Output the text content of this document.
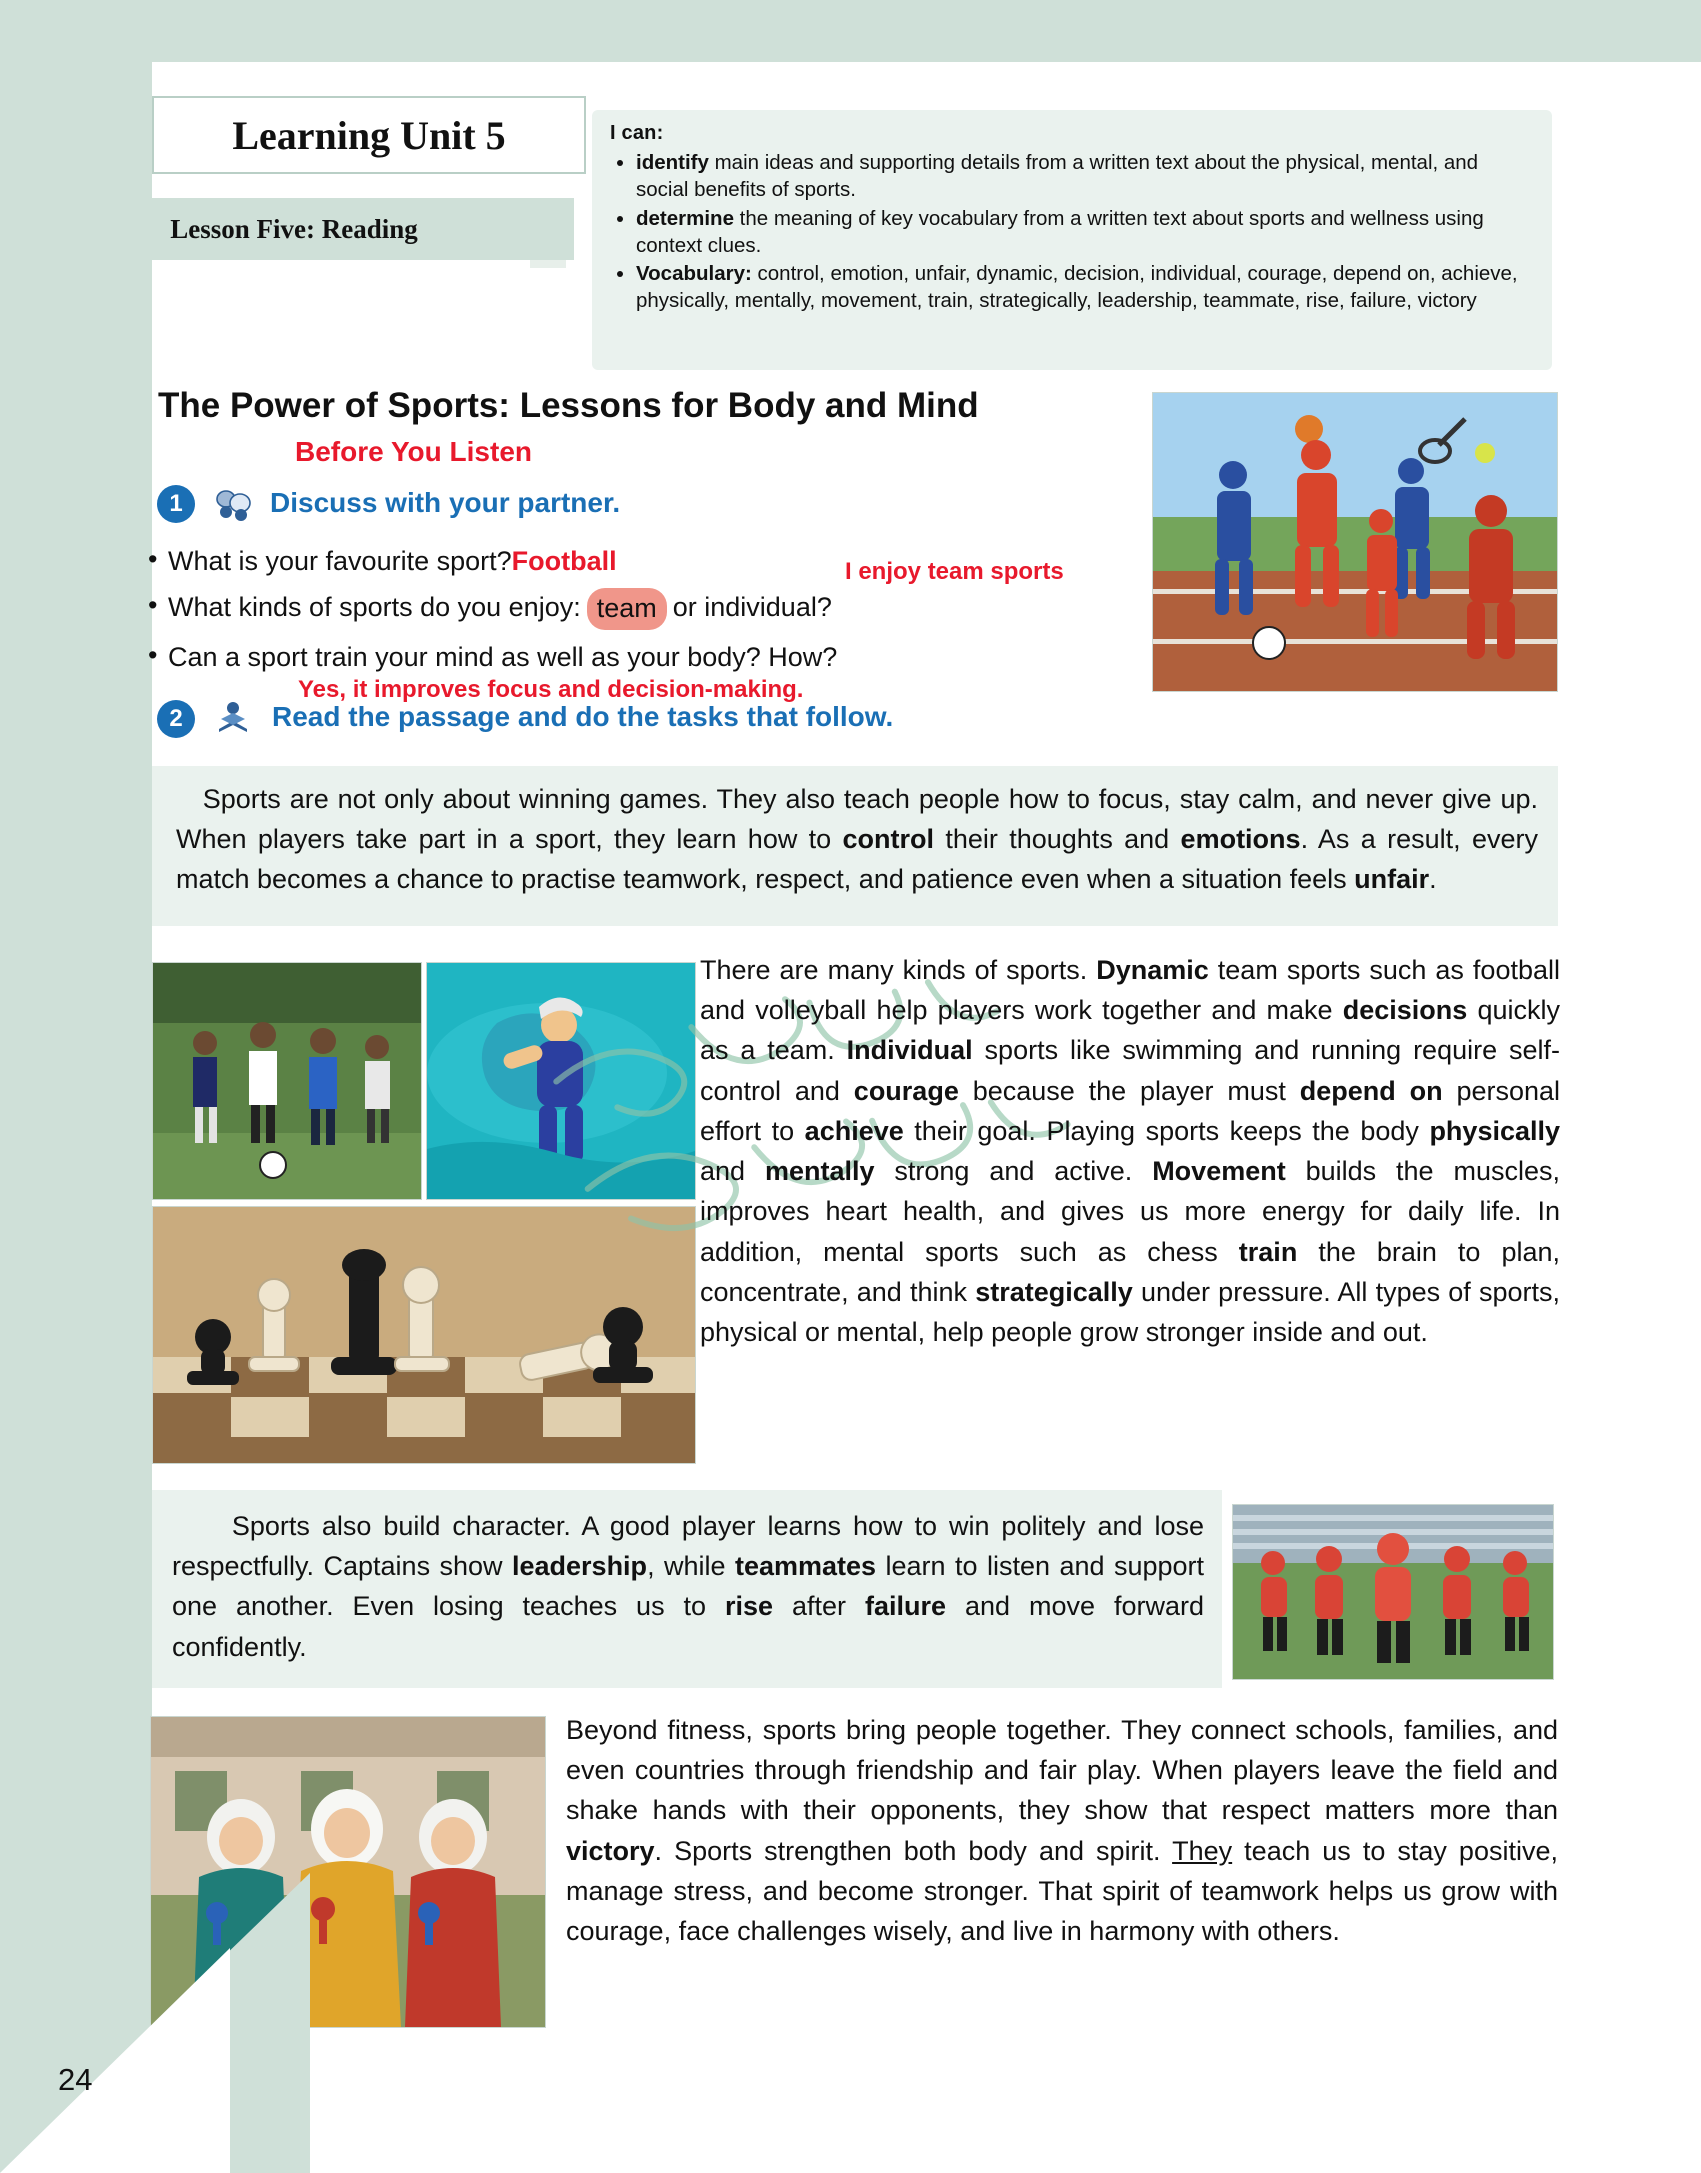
Learning Unit 5
Lesson Five: Reading
I can:
• identify main ideas and supporting details from a written text about the physical, mental, and social benefits of sports.
• determine the meaning of key vocabulary from a written text about sports and wellness using context clues.
• Vocabulary: control, emotion, unfair, dynamic, decision, individual, courage, depend on, achieve, physically, mentally, movement, train, strategically, leadership, teammate, rise, failure, victory
The Power of Sports: Lessons for Body and Mind
Before You Listen
1	Discuss with your partner.
• What is your favourite sport? Football
• What kinds of sports do you enjoy: team or individual?
• Can a sport train your mind as well as your body? How?
I enjoy team sports
Yes, it improves focus and decision-making.
2	Read the passage and do the tasks that follow.

Sports are not only about winning games. They also teach people how to focus, stay calm, and never give up. When players take part in a sport, they learn how to control their thoughts and emotions. As a result, every match becomes a chance to practise teamwork, respect, and patience even when a situation feels unfair.

There are many kinds of sports. Dynamic team sports such as football and volleyball help players work together and make decisions quickly as a team. Individual sports like swimming and running require self-control and courage because the player must depend on personal effort to achieve their goal. Playing sports keeps the body physically and mentally strong and active. Movement builds the muscles, improves heart health, and gives us more energy for daily life. In addition, mental sports such as chess train the brain to plan, concentrate, and think strategically under pressure. All types of sports, physical or mental, help people grow stronger inside and out.

Sports also build character. A good player learns how to win politely and lose respectfully. Captains show leadership, while teammates learn to listen and support one another. Even losing teaches us to rise after failure and move forward confidently.

Beyond fitness, sports bring people together. They connect schools, families, and even countries through friendship and fair play. When players leave the field and shake hands with their opponents, they show that respect matters more than victory. Sports strengthen both body and spirit. They teach us to stay positive, manage stress, and become stronger. That spirit of teamwork helps us grow with courage, face challenges wisely, and live in harmony with others.

24
